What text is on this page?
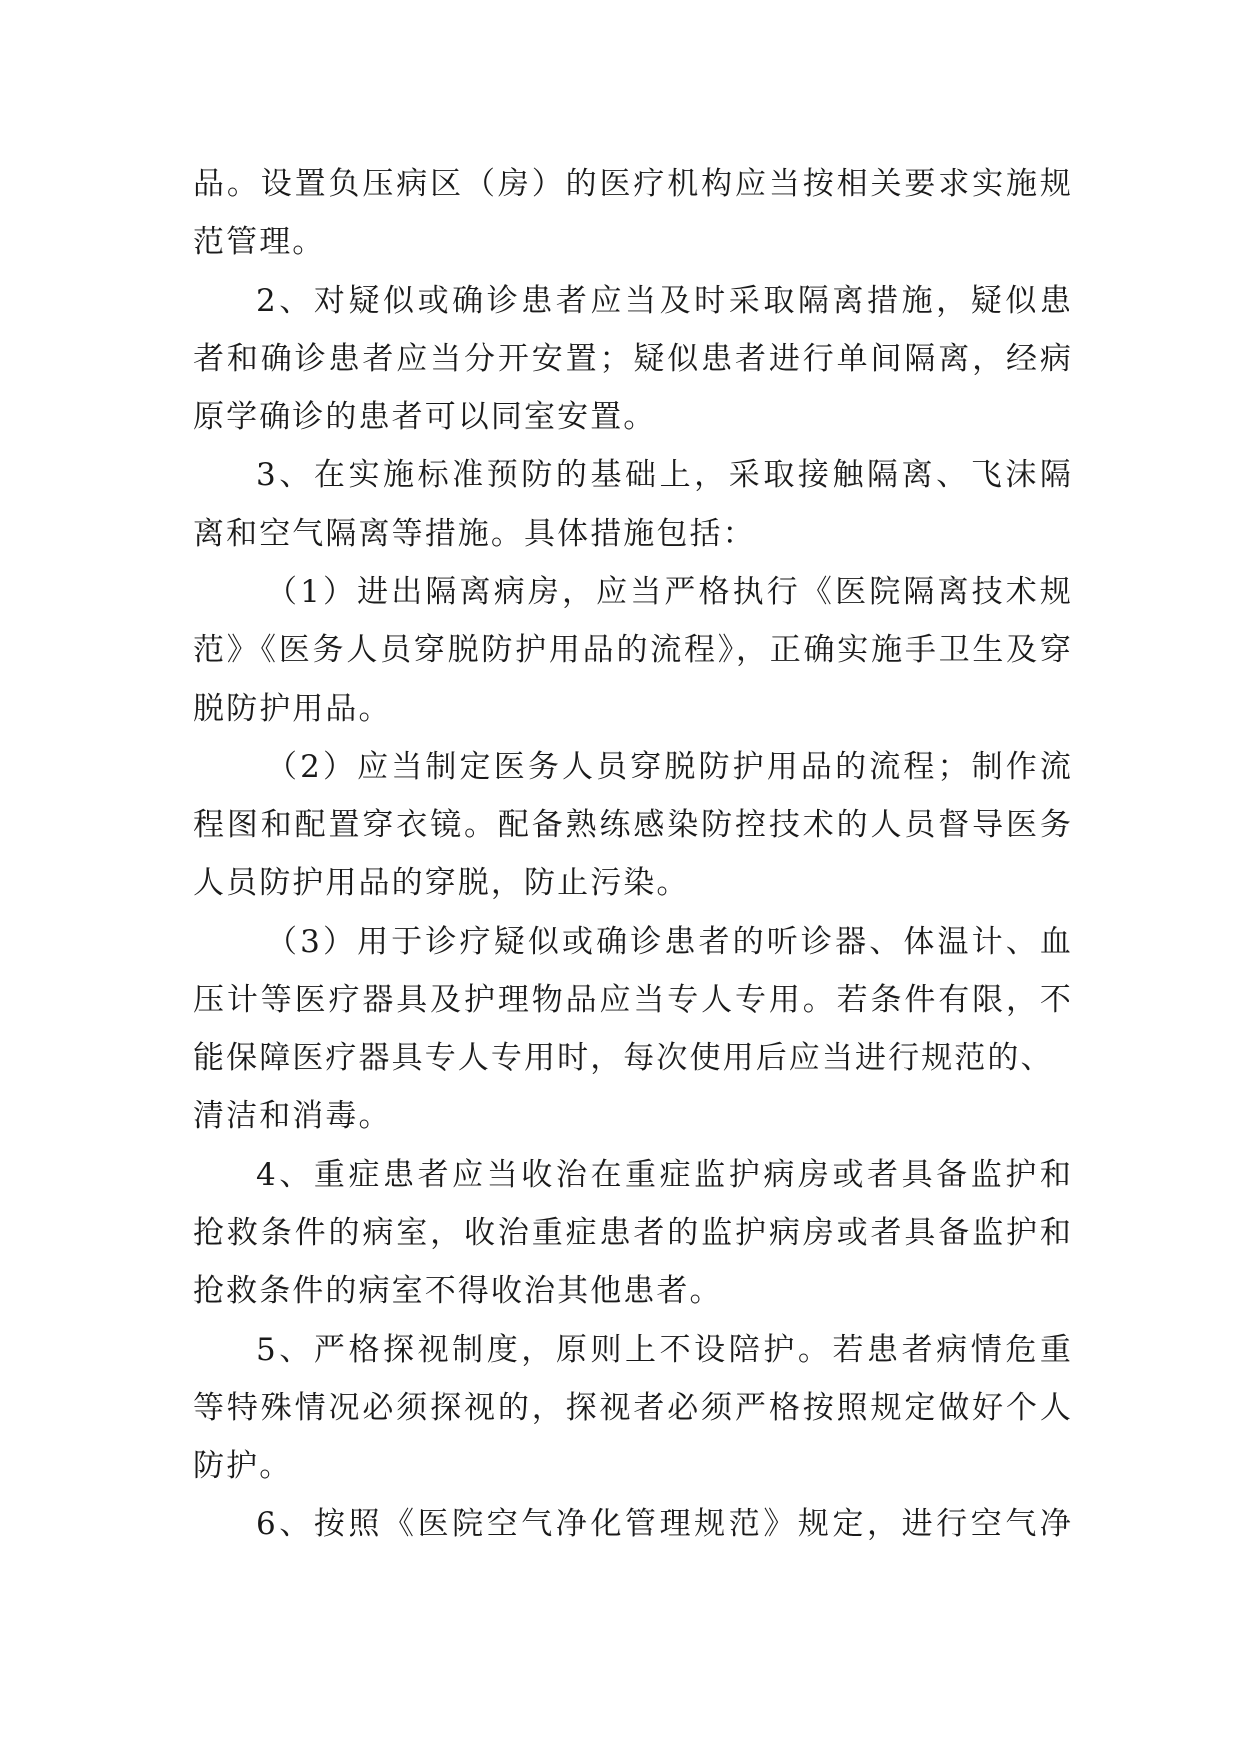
品。设置负压病区（房）的医疗机构应当按相关要求实施规
范管理。
2、对疑似或确诊患者应当及时采取隔离措施，疑似患
者和确诊患者应当分开安置；疑似患者进行单间隔离，经病
原学确诊的患者可以同室安置。
3、在实施标准预防的基础上，采取接触隔离、飞沫隔
离和空气隔离等措施。具体措施包括：
（1）进出隔离病房，应当严格执行《医院隔离技术规
范》《医务人员穿脱防护用品的流程》，正确实施手卫生及穿
脱防护用品。
（2）应当制定医务人员穿脱防护用品的流程；制作流
程图和配置穿衣镜。配备熟练感染防控技术的人员督导医务
人员防护用品的穿脱，防止污染。
（3）用于诊疗疑似或确诊患者的听诊器、体温计、血
压计等医疗器具及护理物品应当专人专用。若条件有限，不
能保障医疗器具专人专用时，每次使用后应当进行规范的、
清洁和消毒。
4、重症患者应当收治在重症监护病房或者具备监护和
抢救条件的病室，收治重症患者的监护病房或者具备监护和
抢救条件的病室不得收治其他患者。
5、严格探视制度，原则上不设陪护。若患者病情危重
等特殊情况必须探视的，探视者必须严格按照规定做好个人
防护。
6、按照《医院空气净化管理规范》规定，进行空气净
